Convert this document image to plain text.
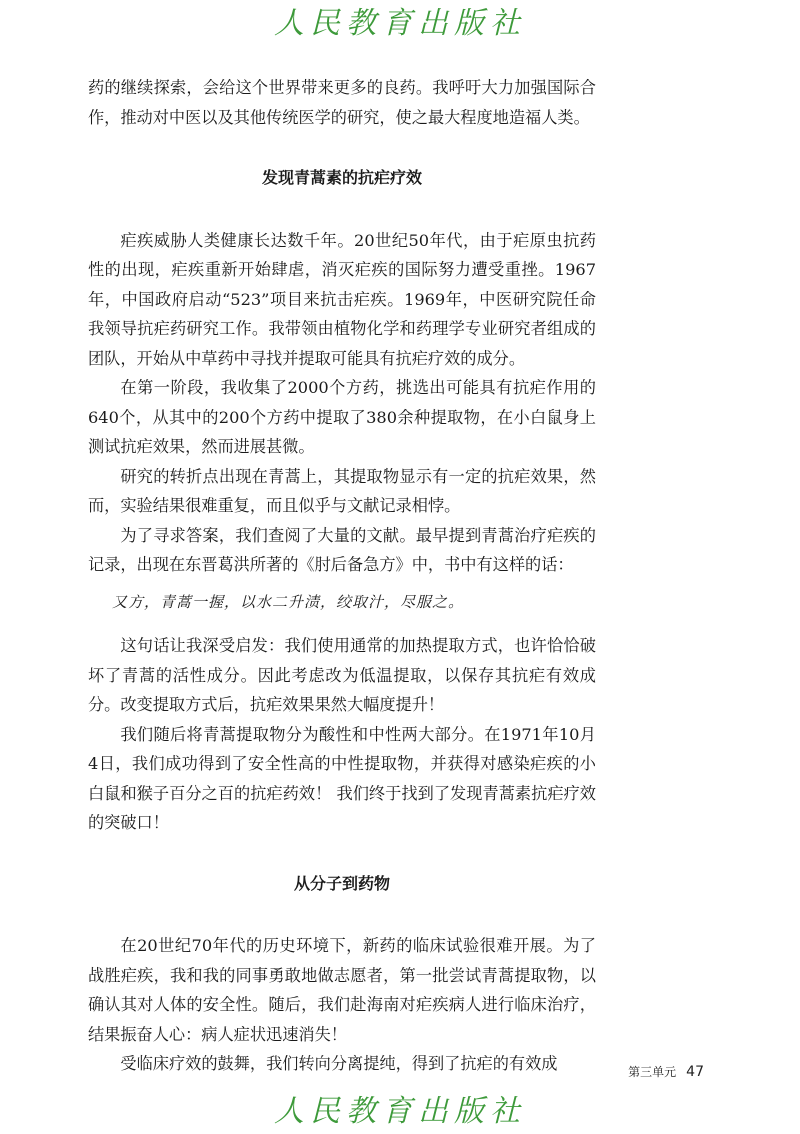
人民教育出版社

药的继续探索，会给这个世界带来更多的良药。我呼吁大力加强国际合作，推动对中医以及其他传统医学的研究，使之最大程度地造福人类。

发现青蒿素的抗疟疗效

疟疾威胁人类健康长达数千年。20世纪50年代，由于疟原虫抗药性的出现，疟疾重新开始肆虐，消灭疟疾的国际努力遭受重挫。1967年，中国政府启动“523”项目来抗击疟疾。1969年，中医研究院任命我领导抗疟药研究工作。我带领由植物化学和药理学专业研究者组成的团队，开始从中草药中寻找并提取可能具有抗疟疗效的成分。

在第一阶段，我收集了2000个方药，挑选出可能具有抗疟作用的640个，从其中的200个方药中提取了380余种提取物，在小白鼠身上测试抗疟效果，然而进展甚微。

研究的转折点出现在青蒿上，其提取物显示有一定的抗疟效果，然而，实验结果很难重复，而且似乎与文献记录相悖。

为了寻求答案，我们查阅了大量的文献。最早提到青蒿治疗疟疾的记录，出现在东晋葛洪所著的《肘后备急方》中，书中有这样的话：

又方，青蒿一握，以水二升渍，绞取汁，尽服之。

这句话让我深受启发：我们使用通常的加热提取方式，也许恰恰破坏了青蒿的活性成分。因此考虑改为低温提取，以保存其抗疟有效成分。改变提取方式后，抗疟效果果然大幅度提升！

我们随后将青蒿提取物分为酸性和中性两大部分。在1971年10月4日，我们成功得到了安全性高的中性提取物，并获得对感染疟疾的小白鼠和猴子百分之百的抗疟药效！ 我们终于找到了发现青蒿素抗疟疗效的突破口！

从分子到药物

在20世纪70年代的历史环境下，新药的临床试验很难开展。为了战胜疟疾，我和我的同事勇敢地做志愿者，第一批尝试青蒿提取物，以确认其对人体的安全性。随后，我们赴海南对疟疾病人进行临床治疗，结果振奋人心：病人症状迅速消失！

受临床疗效的鼓舞，我们转向分离提纯，得到了抗疟的有效成	第三单元 47
人民教育出版社
